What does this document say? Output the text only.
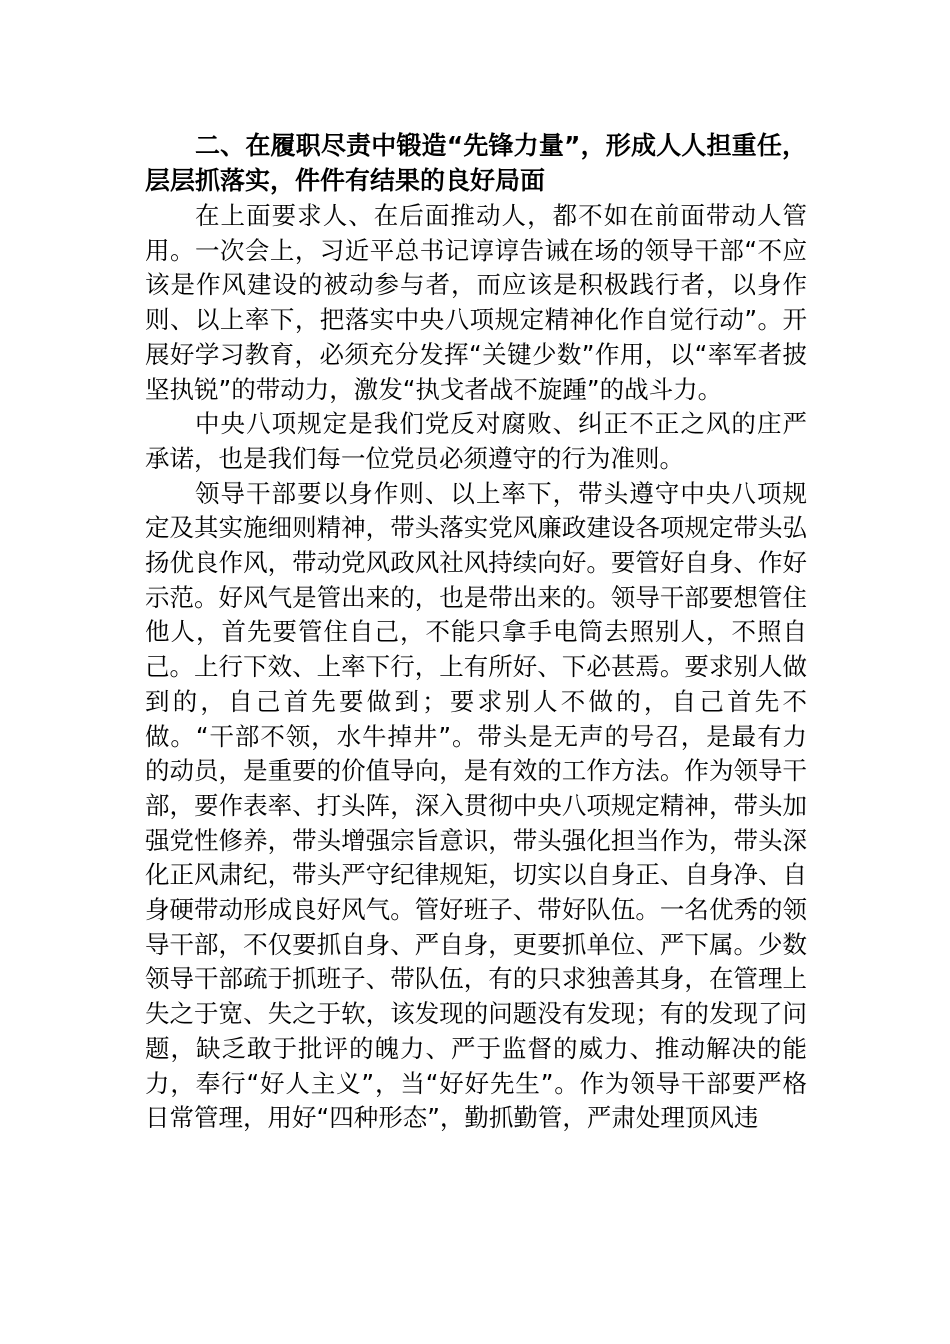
二、在履职尽责中锻造“先锋力量”，形成人人担重任，层层抓落实，件件有结果的良好局面

在上面要求人、在后面推动人，都不如在前面带动人管用。一次会上，习近平总书记谆谆告诫在场的领导干部“不应该是作风建设的被动参与者，而应该是积极践行者，以身作则、以上率下，把落实中央八项规定精神化作自觉行动”。开展好学习教育，必须充分发挥“关键少数”作用，以“率军者披坚执锐”的带动力，激发“执戈者战不旋踵”的战斗力。

中央八项规定是我们党反对腐败、纠正不正之风的庄严承诺，也是我们每一位党员必须遵守的行为准则。

领导干部要以身作则、以上率下，带头遵守中央八项规定及其实施细则精神，带头落实党风廉政建设各项规定带头弘扬优良作风，带动党风政风社风持续向好。要管好自身、作好示范。好风气是管出来的，也是带出来的。领导干部要想管住他人，首先要管住自己，不能只拿手电筒去照别人，不照自己。上行下效、上率下行，上有所好、下必甚焉。要求别人做到的，自己首先要做到；要求别人不做的，自己首先不做。“干部不领，水牛掉井”。带头是无声的号召，是最有力的动员，是重要的价值导向，是有效的工作方法。作为领导干部，要作表率、打头阵，深入贯彻中央八项规定精神，带头加强党性修养，带头增强宗旨意识，带头强化担当作为，带头深化正风肃纪，带头严守纪律规矩，切实以自身正、自身净、自身硬带动形成良好风气。管好班子、带好队伍。一名优秀的领导干部，不仅要抓自身、严自身，更要抓单位、严下属。少数领导干部疏于抓班子、带队伍，有的只求独善其身，在管理上失之于宽、失之于软，该发现的问题没有发现；有的发现了问题，缺乏敢于批评的魄力、严于监督的威力、推动解决的能力，奉行“好人主义”，当“好好先生”。作为领导干部要严格日常管理，用好“四种形态”，勤抓勤管，严肃处理顶风违
